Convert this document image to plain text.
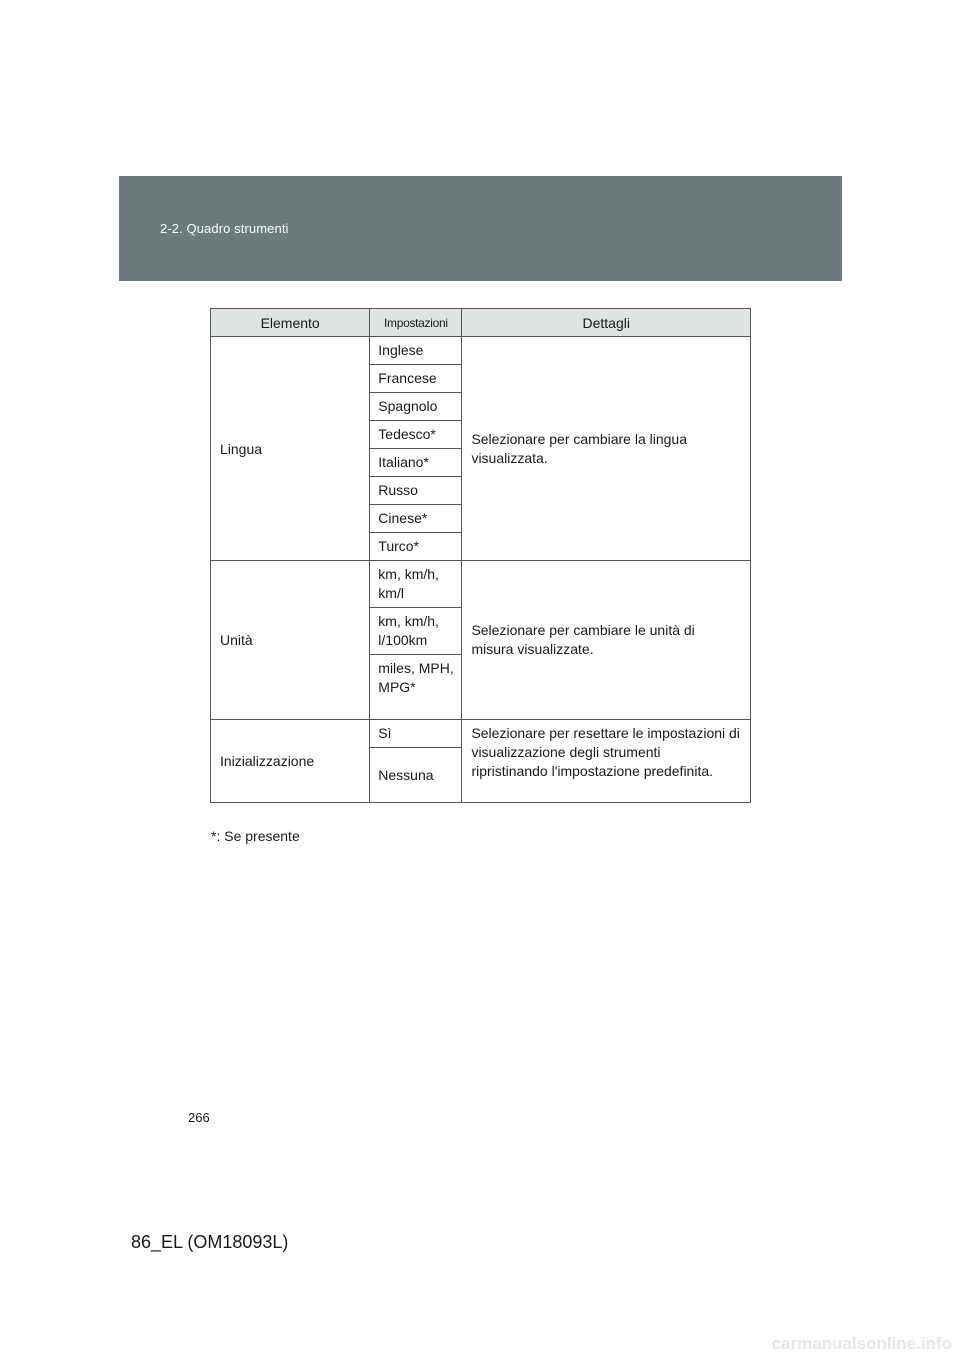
2-2. Quadro strumenti
Elemento	Impostazioni	Dettagli
Lingua	Inglese	Selezionare per cambiare la lingua visualizzata.
	Francese	
	Spagnolo	
	Tedesco*	
	Italiano*	
	Russo	
	Cinese*	
	Turco*	
Unità	km, km/h, km/l	Selezionare per cambiare le unità di misura visualizzate.
	km, km/h, l/100km	
	miles, MPH, MPG*	
Inizializzazione	Sì	Selezionare per resettare le impostazioni di visualizzazione degli strumenti ripristinando l'impostazione predefinita.
	Nessuna	
*: Se presente
266
86_EL (OM18093L)
carmanualsonline.info
